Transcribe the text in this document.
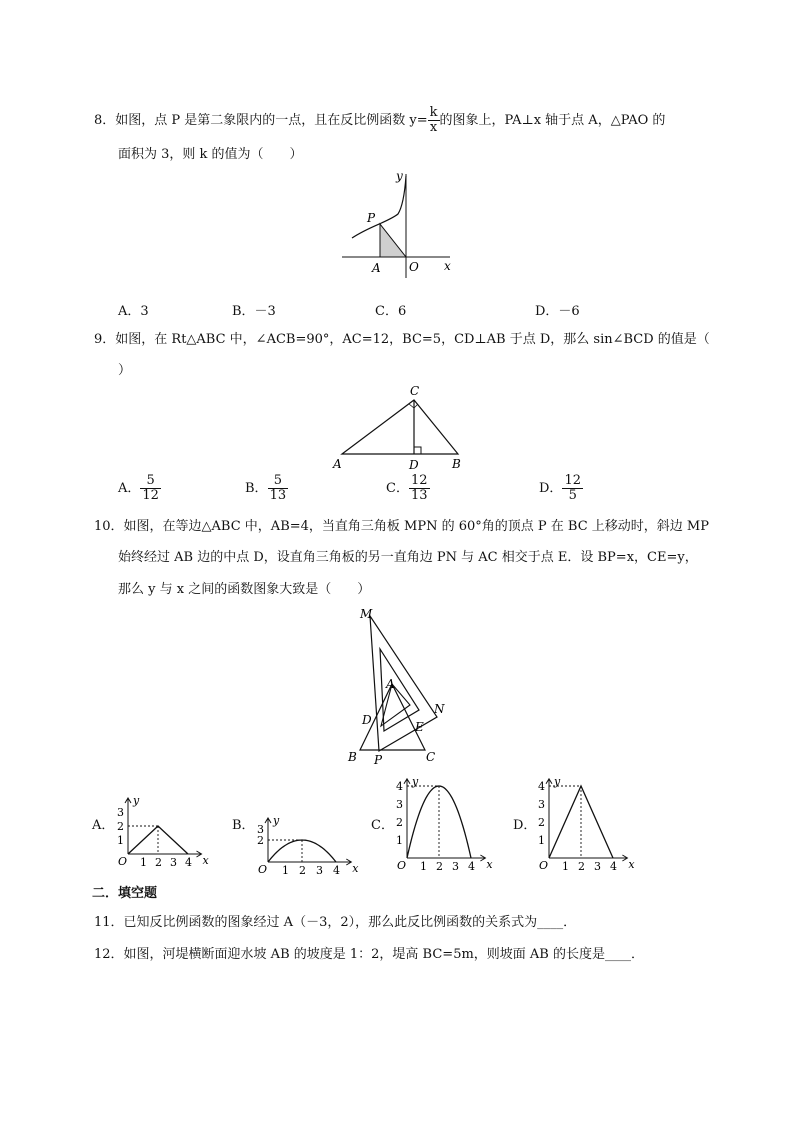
8．如图，点 P 是第二象限内的一点，且在反比例函数 $y= \frac{k}{x}$ 的图象上，PA⊥x 轴于点 A，△PAO 的
面积为 3，则 k 的值为（　　）
y
x
P
A O
A．3	B．－3	C．6	D．－6
9．如图，在 Rt△ABC 中，∠ACB=90°，AC=12，BC=5，CD⊥AB 于点 D，那么 sin∠BCD 的值是（
）
C
A	D	B
A． $\frac{5}{12}$	B． $\frac{5}{13}$	C． $\frac{12}{13}$	D． $\frac{12}{5}$
10．如图，在等边△ABC 中，AB=4，当直角三角板 MPN 的 60°角的顶点 P 在 BC 上移动时，斜边 MP
始终经过 AB 边的中点 D，设直角三角板的另一直角边 PN 与 AC 相交于点 E．设 BP=x，CE=y，
那么 y 与 x 之间的函数图象大致是（　　）
M
A
N
D	E
B P	C
A．
y
x
O 1 2 3 4
1
2
3
B． y
x
O 1 2 3 4
3
2
C．
y
x
O 1 2 3 4
4
3
2
1
D．
y
x
O 1 2 3 4
4
3
2
1
二．填空题
11．已知反比例函数的图象经过 A（－3，2），那么此反比例函数的关系式为____．
12．如图，河堤横断面迎水坡 AB 的坡度是 1：2，堤高 BC=5m，则坡面 AB 的长度是____．
